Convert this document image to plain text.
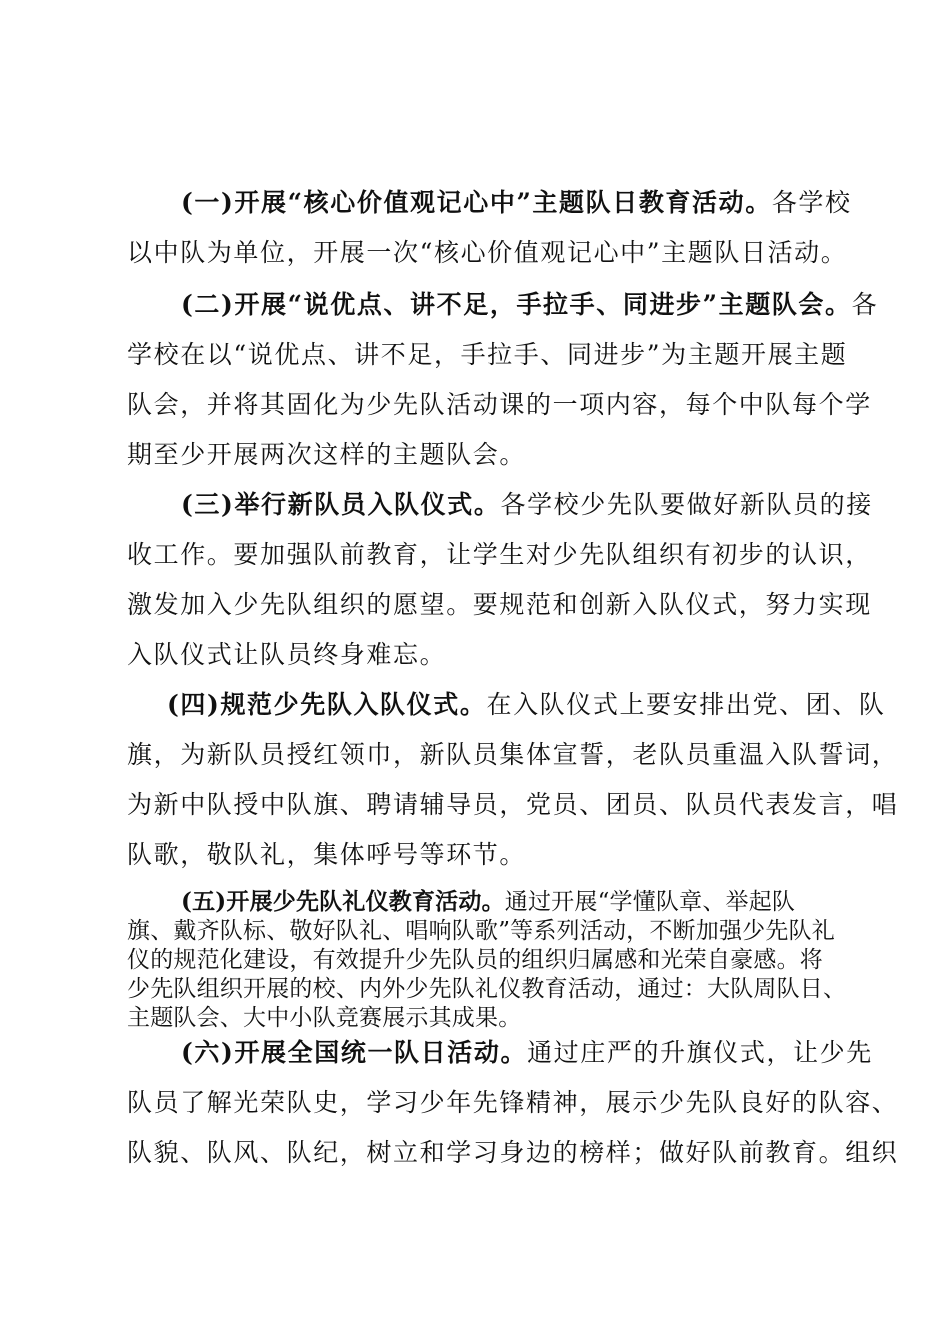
(一)开展“核心价值观记心中”主题队日教育活动。各学校
以中队为单位，开展一次“核心价值观记心中”主题队日活动。
(二)开展“说优点、讲不足，手拉手、同进步”主题队会。各
学校在以“说优点、讲不足，手拉手、同进步”为主题开展主题
队会，并将其固化为少先队活动课的一项内容，每个中队每个学
期至少开展两次这样的主题队会。
(三)举行新队员入队仪式。各学校少先队要做好新队员的接
收工作。要加强队前教育，让学生对少先队组织有初步的认识，
激发加入少先队组织的愿望。要规范和创新入队仪式，努力实现
入队仪式让队员终身难忘。
(四)规范少先队入队仪式。在入队仪式上要安排出党、团、队
旗，为新队员授红领巾，新队员集体宣誓，老队员重温入队誓词，
为新中队授中队旗、聘请辅导员，党员、团员、队员代表发言，唱
队歌，敬队礼，集体呼号等环节。
(五)开展少先队礼仪教育活动。通过开展“学懂队章、举起队
旗、戴齐队标、敬好队礼、唱响队歌”等系列活动，不断加强少先队礼
仪的规范化建设，有效提升少先队员的组织归属感和光荣自豪感。将
少先队组织开展的校、内外少先队礼仪教育活动，通过：大队周队日、
主题队会、大中小队竞赛展示其成果。
(六)开展全国统一队日活动。通过庄严的升旗仪式，让少先
队员了解光荣队史，学习少年先锋精神，展示少先队良好的队容、
队貌、队风、队纪，树立和学习身边的榜样；做好队前教育。组织
